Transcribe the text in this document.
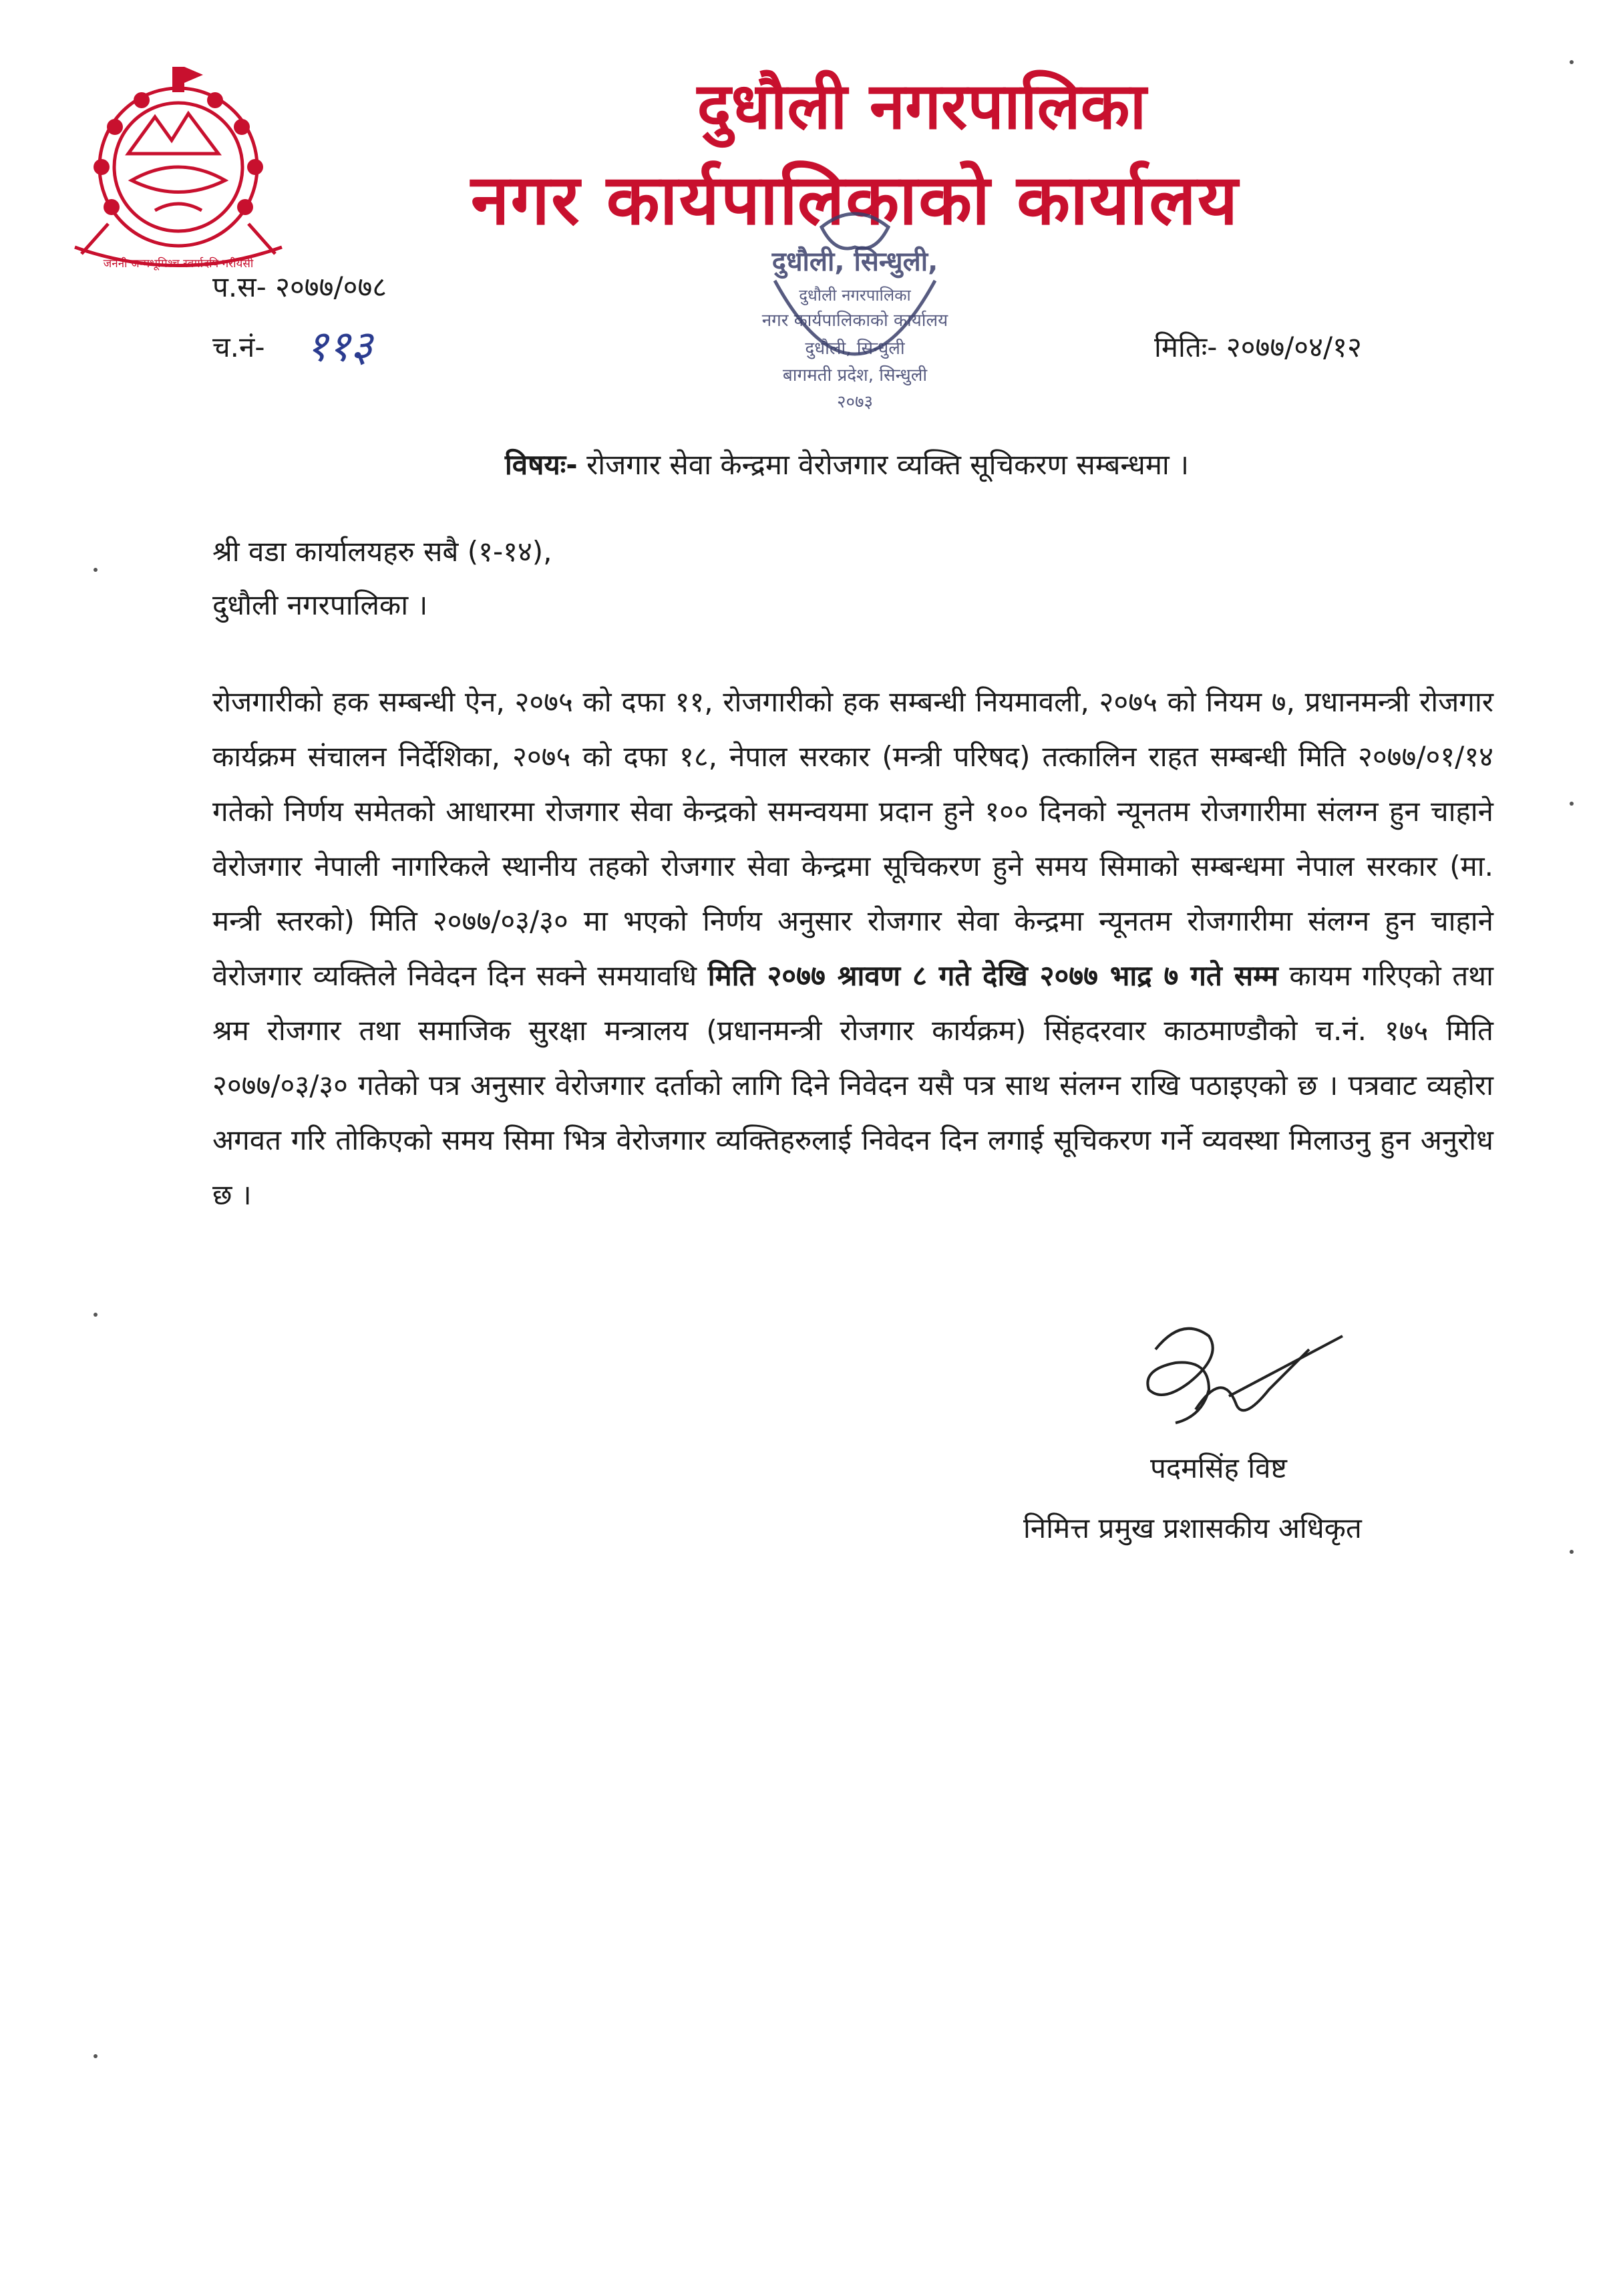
जननी जन्मभूमिश्च स्वर्गादपि गरीयसी
दुधौली नगरपालिका
नगर कार्यपालिकाको कार्यालय
प.स- २०७७/०७८
च.नं- ११३	मितिः- २०७७/०४/१२
दुधौली, सिन्धुली,
दुधौली नगरपालिका
नगर कार्यपालिकाको कार्यालय
दुधौली, सिन्धुली
बागमती प्रदेश, सिन्धुली
२०७३
विषयः- रोजगार सेवा केन्द्रमा वेरोजगार व्यक्ति सूचिकरण सम्बन्धमा ।
श्री वडा कार्यालयहरु सबै (१-१४),
दुधौली नगरपालिका ।
रोजगारीको हक सम्बन्धी ऐन, २०७५ को दफा ११, रोजगारीको हक सम्बन्धी नियमावली, २०७५ को नियम ७, प्रधानमन्त्री रोजगार कार्यक्रम संचालन निर्देशिका, २०७५ को दफा १८, नेपाल सरकार (मन्त्री परिषद) तत्कालिन राहत सम्बन्धी मिति २०७७/०१/१४ गतेको निर्णय समेतको आधारमा रोजगार सेवा केन्द्रको समन्वयमा प्रदान हुने १०० दिनको न्यूनतम रोजगारीमा संलग्न हुन चाहाने वेरोजगार नेपाली नागरिकले स्थानीय तहको रोजगार सेवा केन्द्रमा सूचिकरण हुने समय सिमाको सम्बन्धमा नेपाल सरकार (मा. मन्त्री स्तरको) मिति २०७७/०३/३० मा भएको निर्णय अनुसार रोजगार सेवा केन्द्रमा न्यूनतम रोजगारीमा संलग्न हुन चाहाने वेरोजगार व्यक्तिले निवेदन दिन सक्ने समयावधि मिति २०७७ श्रावण ८ गते देखि २०७७ भाद्र ७ गते सम्म कायम गरिएको तथा श्रम रोजगार तथा समाजिक सुरक्षा मन्त्रालय (प्रधानमन्त्री रोजगार कार्यक्रम) सिंहदरवार काठमाण्डौको च.नं. १७५ मिति २०७७/०३/३० गतेको पत्र अनुसार वेरोजगार दर्ताको लागि दिने निवेदन यसै पत्र साथ संलग्न राखि पठाइएको छ । पत्रवाट व्यहोरा अगवत गरि तोकिएको समय सिमा भित्र वेरोजगार व्यक्तिहरुलाई निवेदन दिन लगाई सूचिकरण गर्ने व्यवस्था मिलाउनु हुन अनुरोध छ ।
पदमसिंह विष्ट
निमित्त प्रमुख प्रशासकीय अधिकृत
